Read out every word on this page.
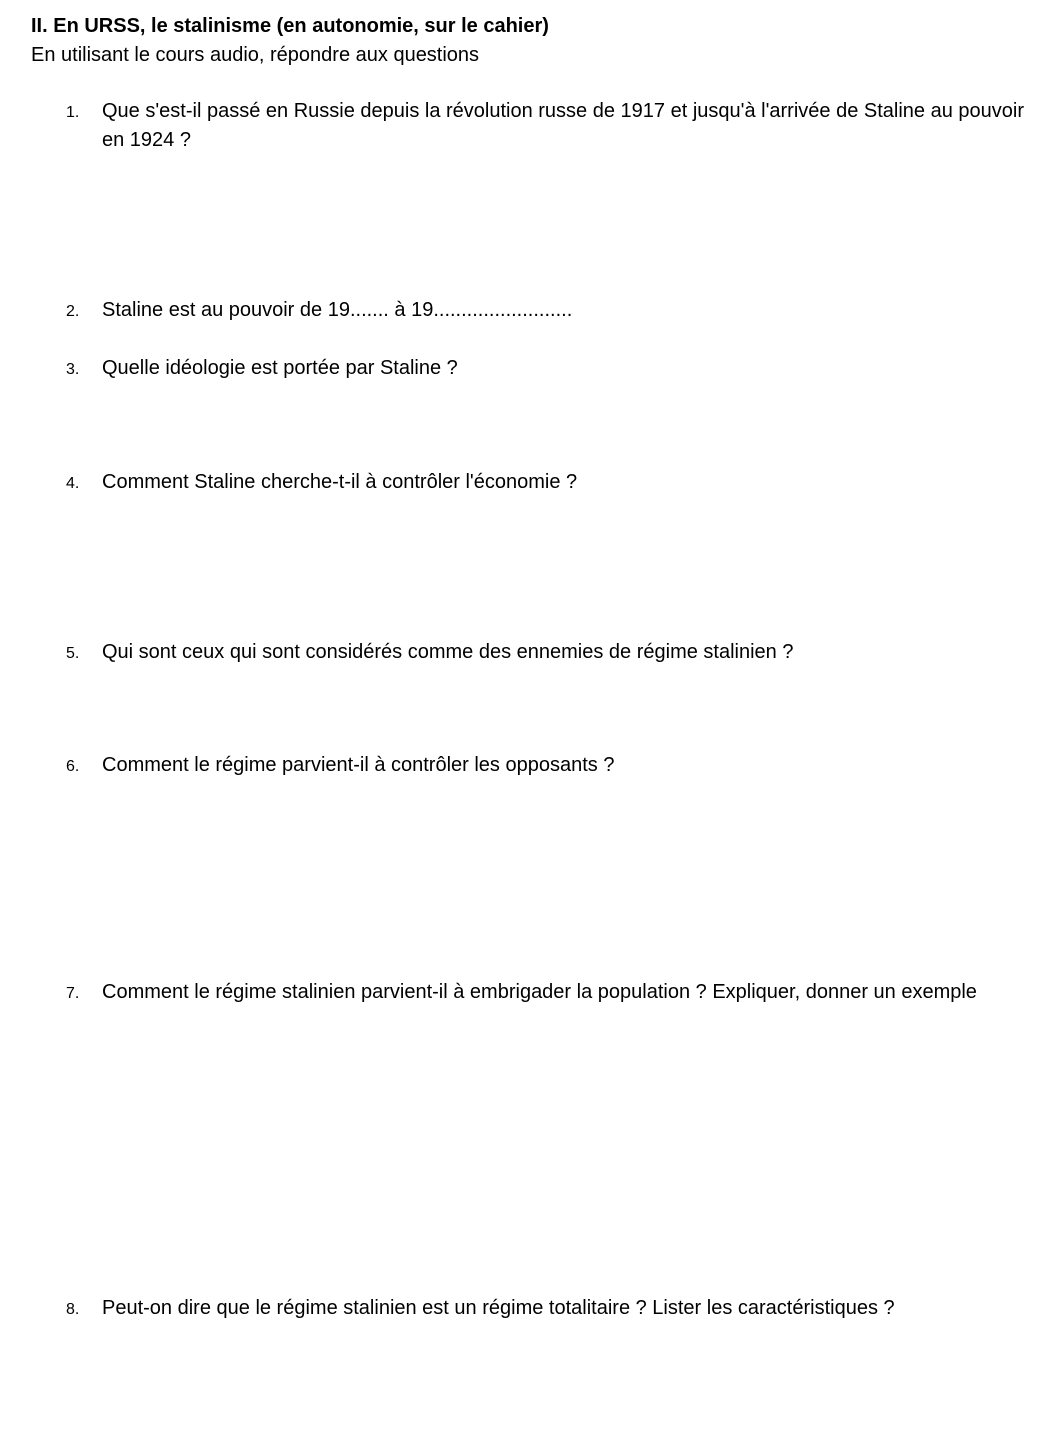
II. En URSS, le stalinisme (en autonomie, sur le cahier)
En utilisant le cours audio, répondre aux questions
1.	Que s'est-il passé en Russie depuis la révolution russe de 1917 et jusqu'à l'arrivée de Staline au pouvoir en 1924 ?
2.	Staline est au pouvoir de 19....... à 19.........................
3.	Quelle idéologie est portée par Staline ?
4.	Comment Staline cherche-t-il à contrôler l'économie ?
5.	Qui sont ceux qui sont considérés comme des ennemies de régime stalinien ?
6.	Comment le régime parvient-il à contrôler les opposants ?
7.	Comment le régime stalinien parvient-il à embrigader la population ? Expliquer, donner un exemple
8.	Peut-on dire que le régime stalinien est un régime totalitaire ? Lister les caractéristiques ?
